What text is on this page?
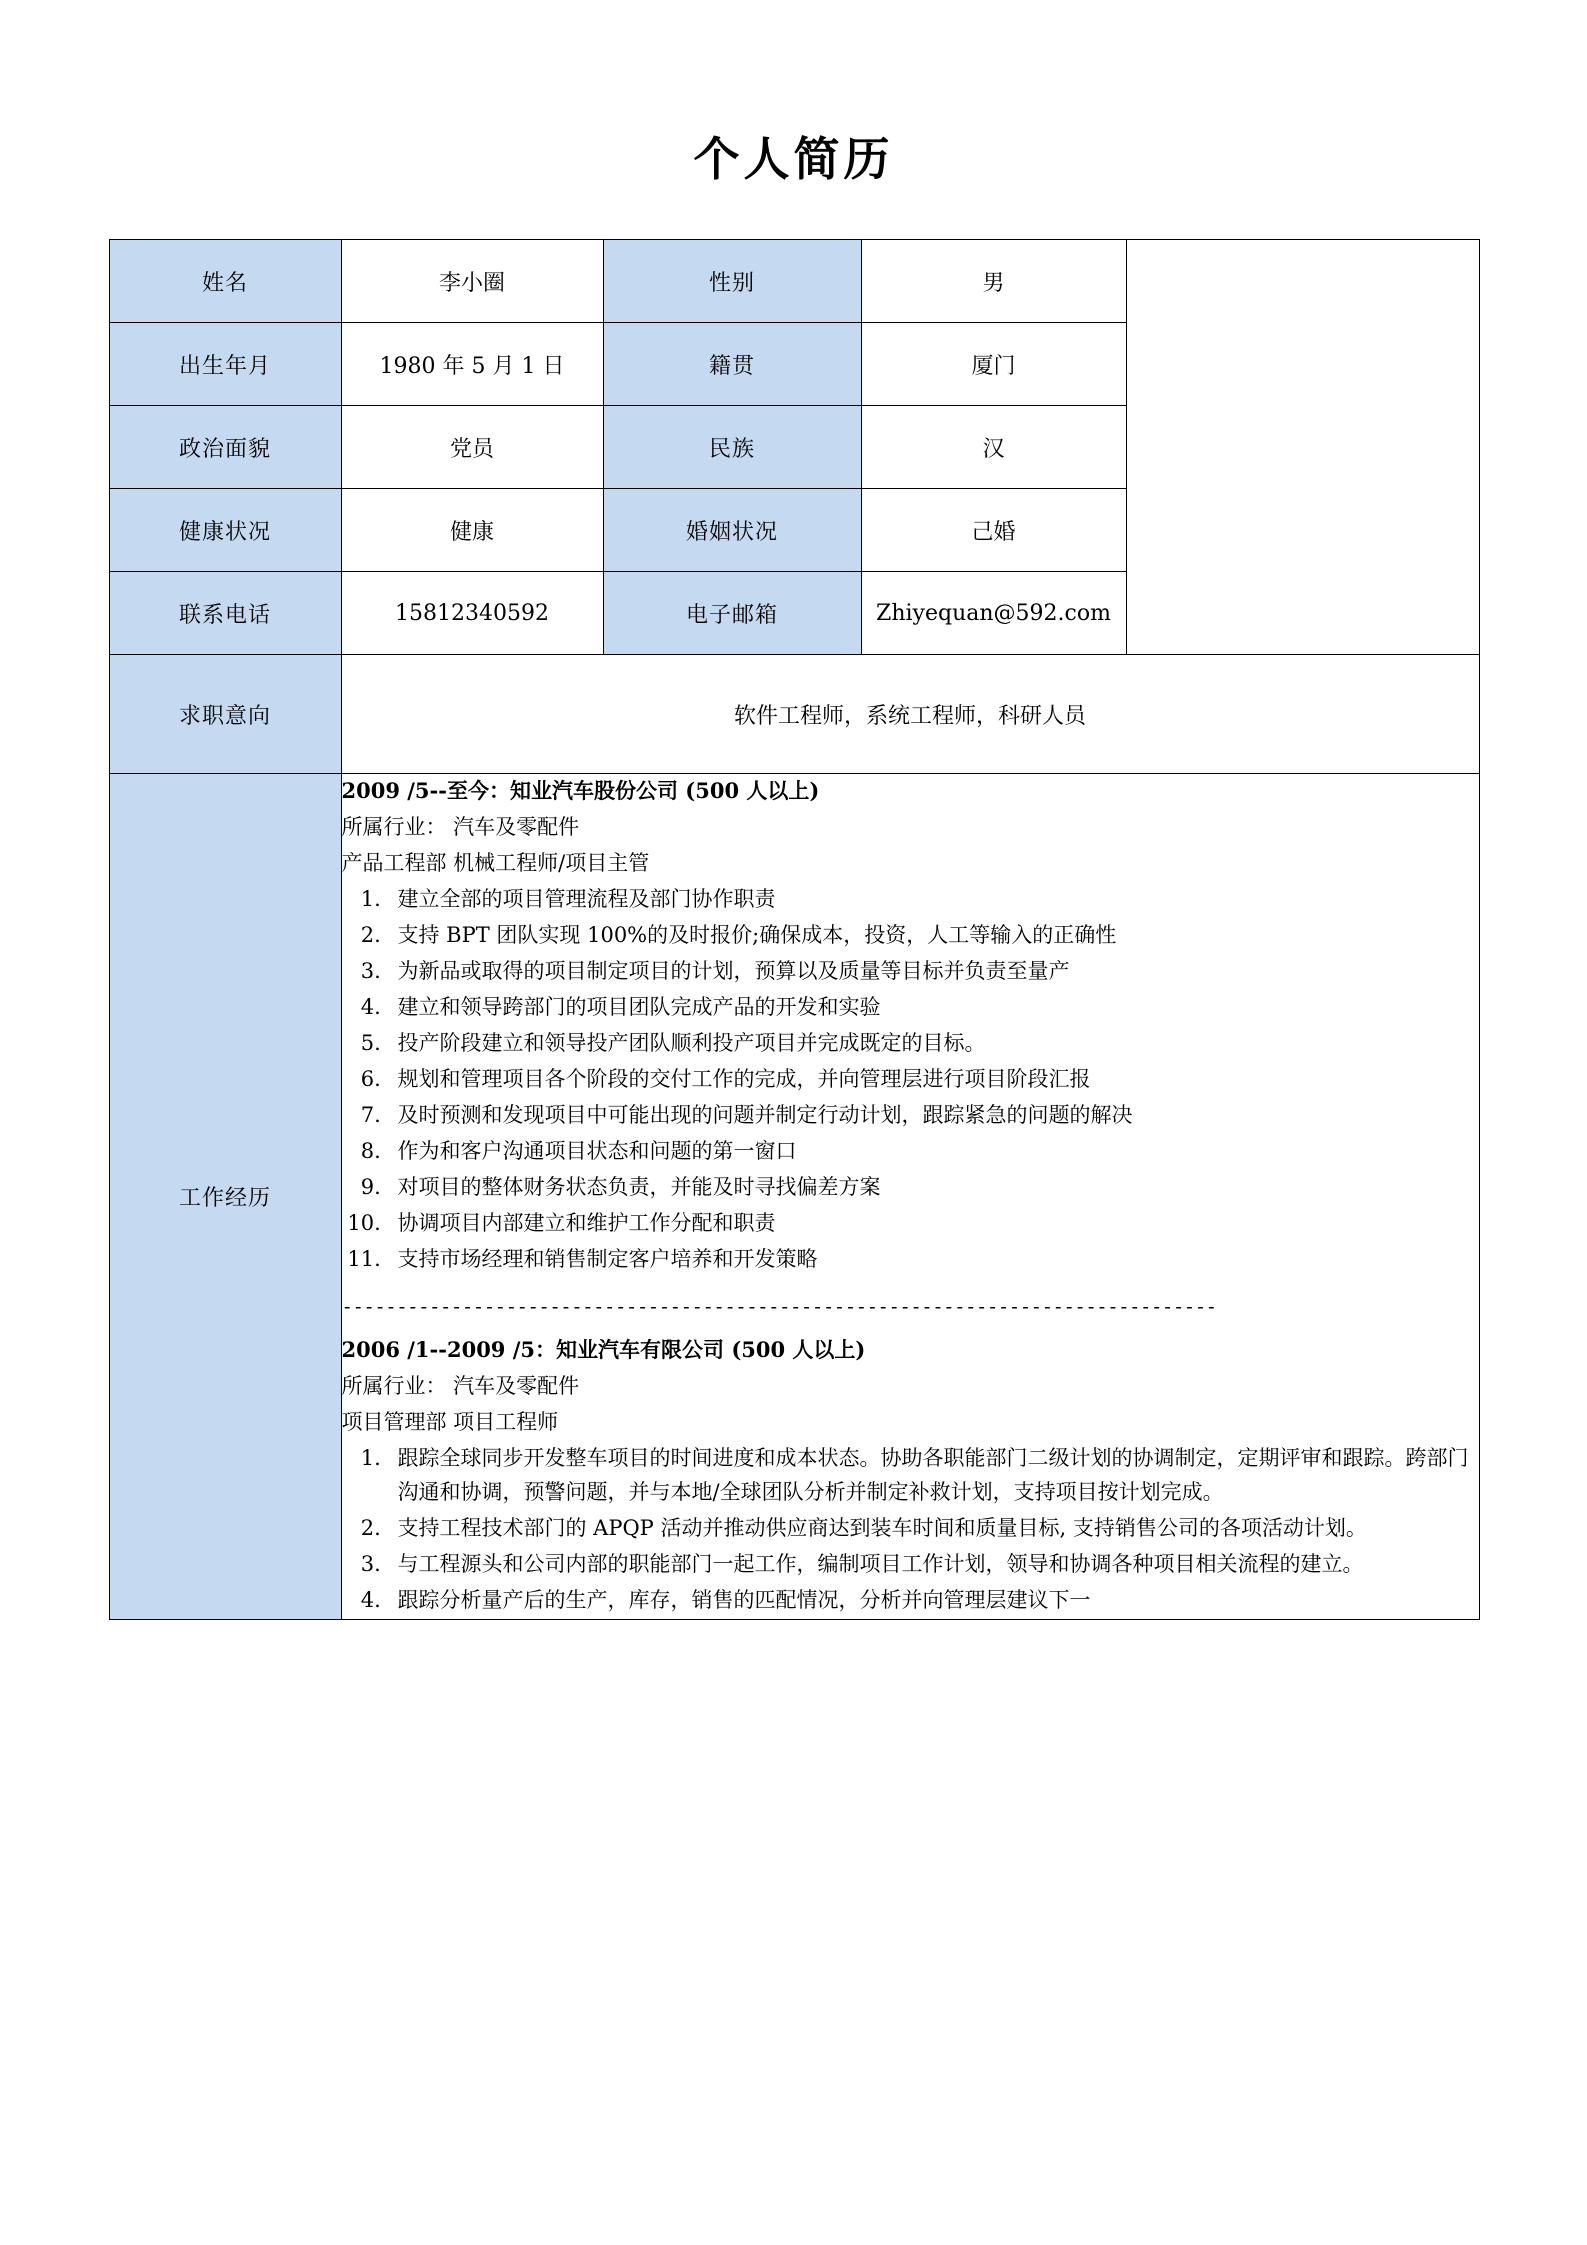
个人简历
姓名	李小圈	性别	男	
出生年月	1980 年 5 月 1 日	籍贯	厦门	
政治面貌	党员	民族	汉	
健康状况	健康	婚姻状况	己婚	
联系电话	15812340592	电子邮箱	Zhiyequan@592.com	
求职意向	软件工程师，系统工程师，科研人员			
工作经历	
2009 /5--至今：知业汽车股份公司 (500 人以上)
所属行业： 汽车及零配件
产品工程部 机械工程师/项目主管
1. 建立全部的项目管理流程及部门协作职责
2. 支持 BPT 团队实现 100%的及时报价;确保成本，投资，人工等输入的正确性
3. 为新品或取得的项目制定项目的计划，预算以及质量等目标并负责至量产
4. 建立和领导跨部门的项目团队完成产品的开发和实验
5. 投产阶段建立和领导投产团队顺利投产项目并完成既定的目标。
6. 规划和管理项目各个阶段的交付工作的完成，并向管理层进行项目阶段汇报
7. 及时预测和发现项目中可能出现的问题并制定行动计划，跟踪紧急的问题的解决
8. 作为和客户沟通项目状态和问题的第一窗口
9. 对项目的整体财务状态负责，并能及时寻找偏差方案
10. 协调项目内部建立和维护工作分配和职责
11. 支持市场经理和销售制定客户培养和开发策略
--------------------------------------------------------------------------------
2006 /1--2009 /5：知业汽车有限公司 (500 人以上)
所属行业： 汽车及零配件
项目管理部 项目工程师
1. 跟踪全球同步开发整车项目的时间进度和成本状态。协助各职能部门二级计划的协调制定，定期评审和跟踪。跨部门沟通和协调，预警问题，并与本地/全球团队分析并制定补救计划，支持项目按计划完成。
2. 支持工程技术部门的 APQP 活动并推动供应商达到装车时间和质量目标, 支持销售公司的各项活动计划。
3. 与工程源头和公司内部的职能部门一起工作，编制项目工作计划，领导和协调各种项目相关流程的建立。
4. 跟踪分析量产后的生产，库存，销售的匹配情况，分析并向管理层建议下一
